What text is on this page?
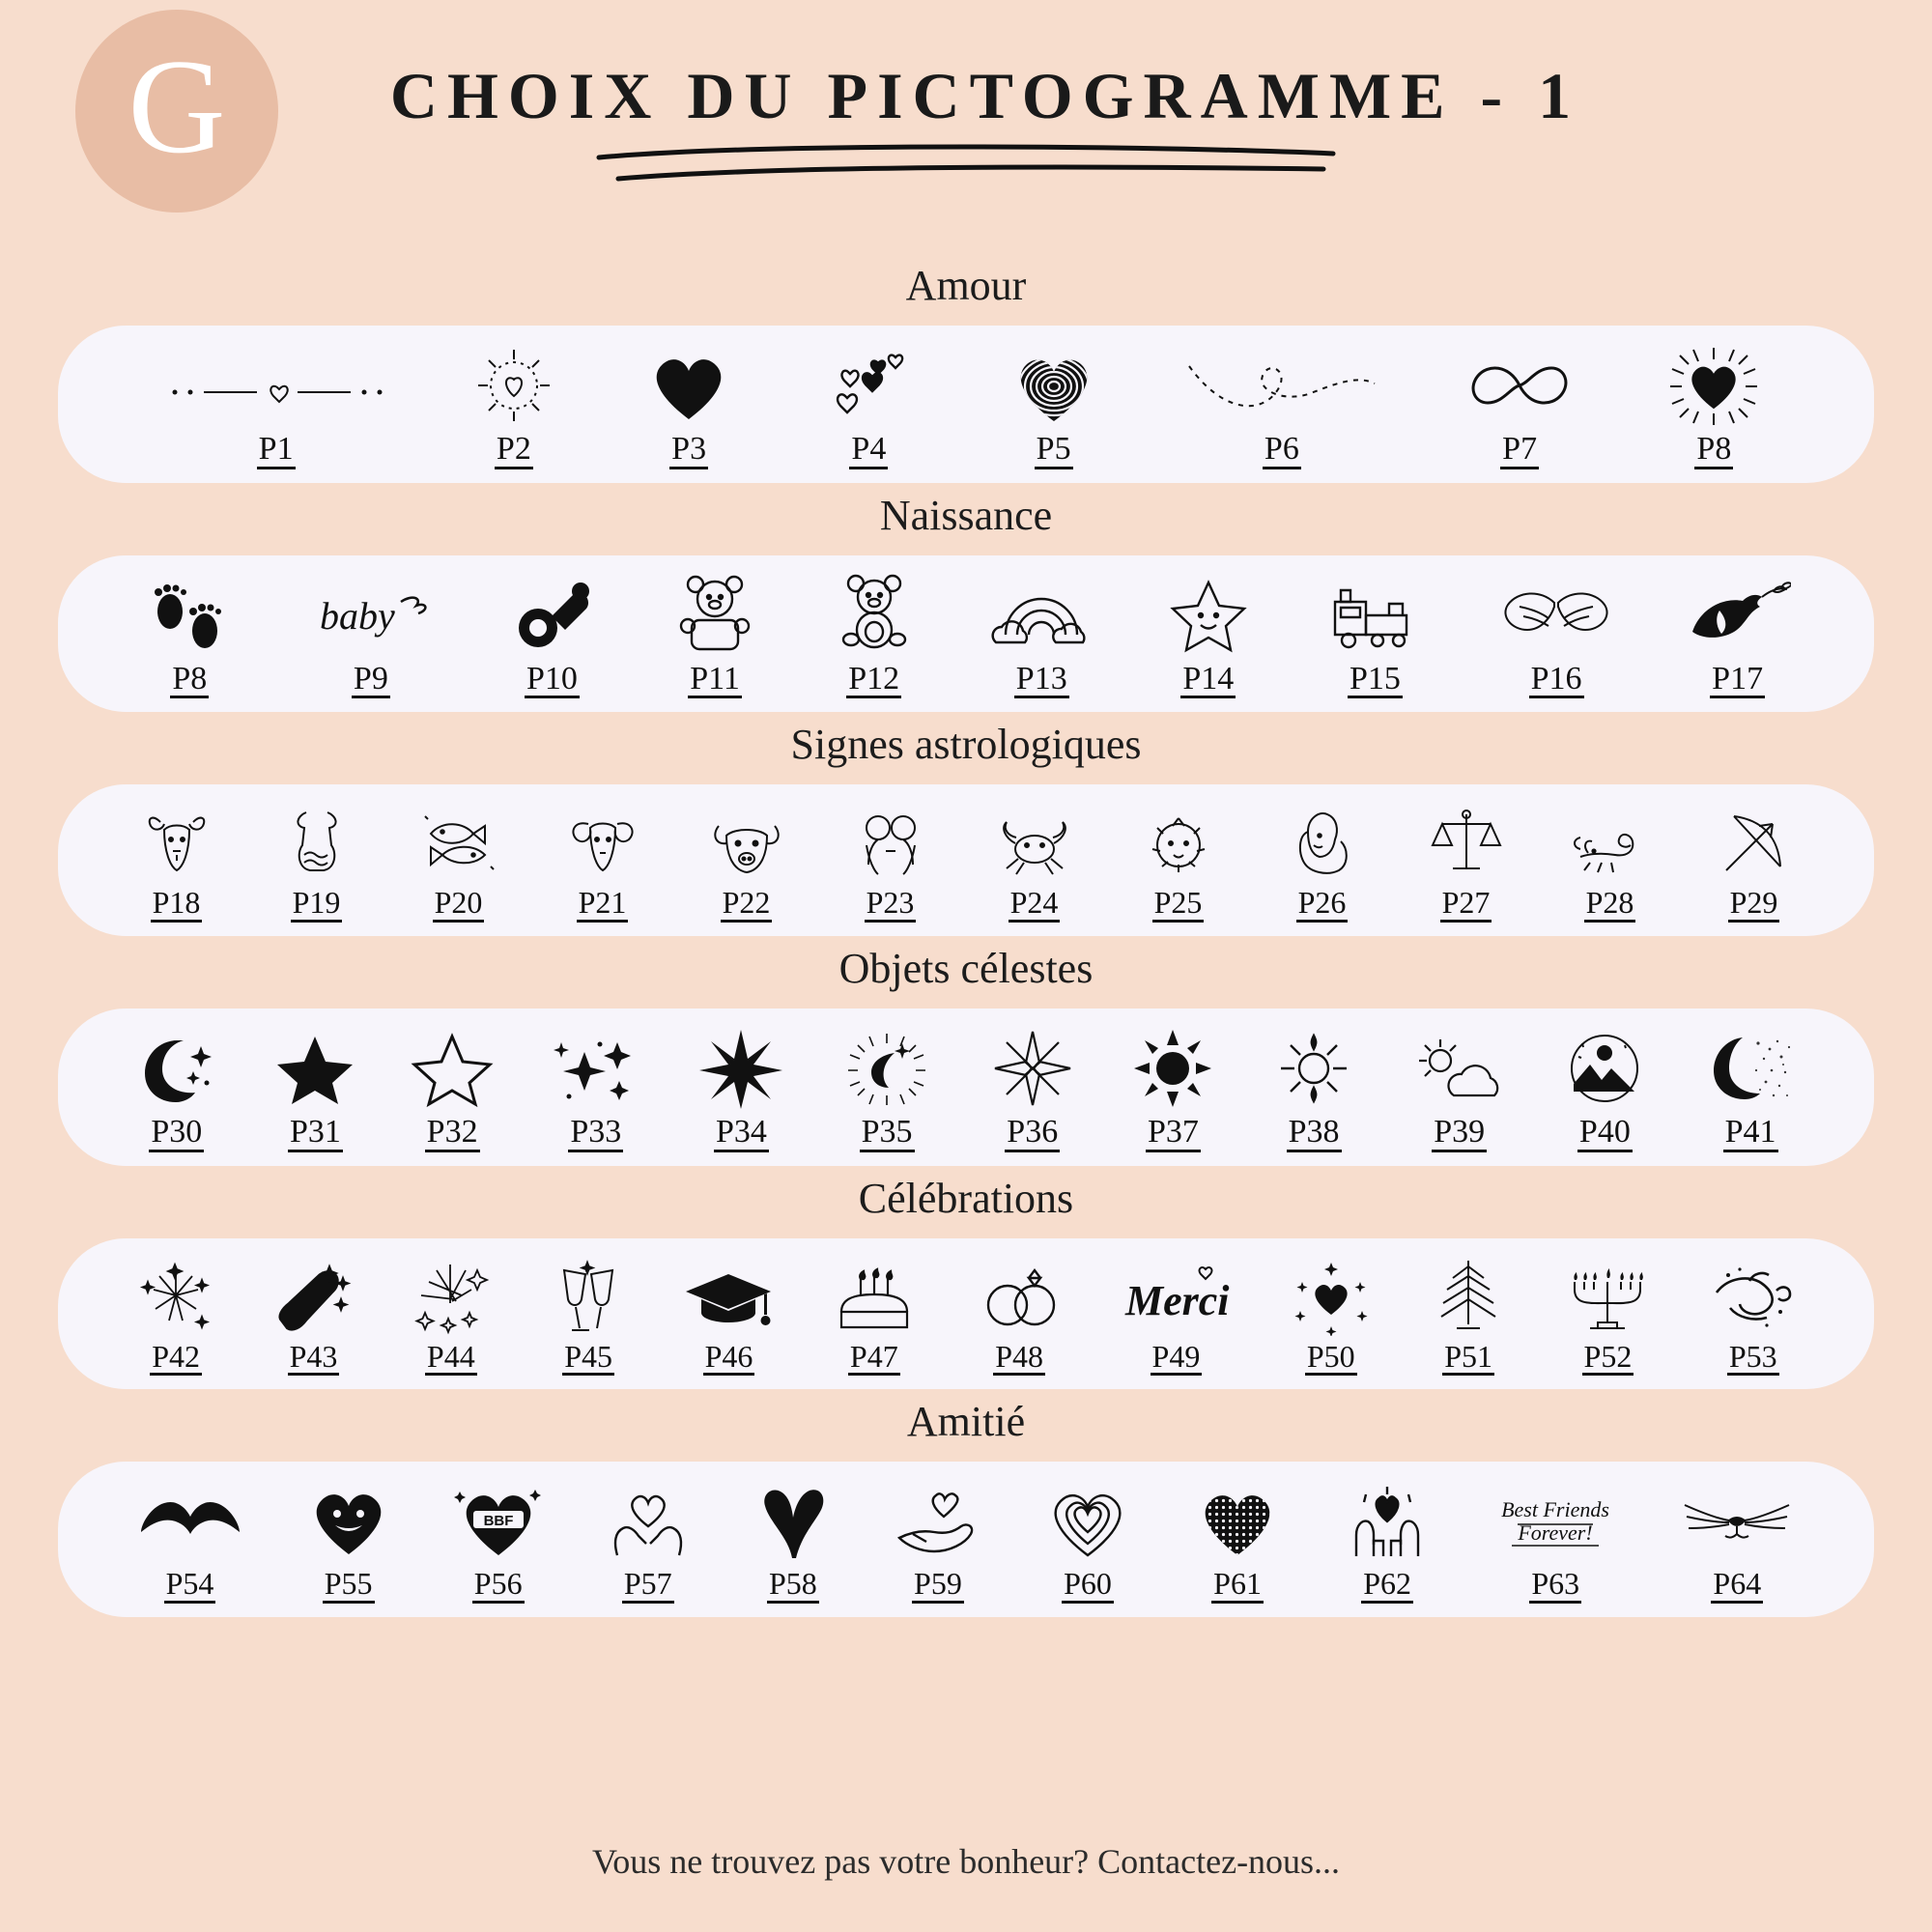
G	CHOIX DU PICTOGRAMME - 1
Amour
P1	P2	P3	P4	P5	P6	P7	P8
Naissance
P8
baby
P9	P10	P11	P12	P13	P14	P15	P16	P17
Signes astrologiques
P18	P19	P20	P21	P22	P23	P24	P25	P26	P27	P28	P29
Objets célestes
P30	P31	P32	P33	P34	P35	P36	P37	P38	P39	P40	P41
Célébrations
P42	P43	P44	P45	P46	P47	P48
Merci
P49	P50	P51	P52	P53
Amitié
P54	P55
BBF
P56	P57	P58	P59	P60	P61	P62
Best Friends
Forever!
P63	P64
Vous ne trouvez pas votre bonheur? Contactez-nous...
